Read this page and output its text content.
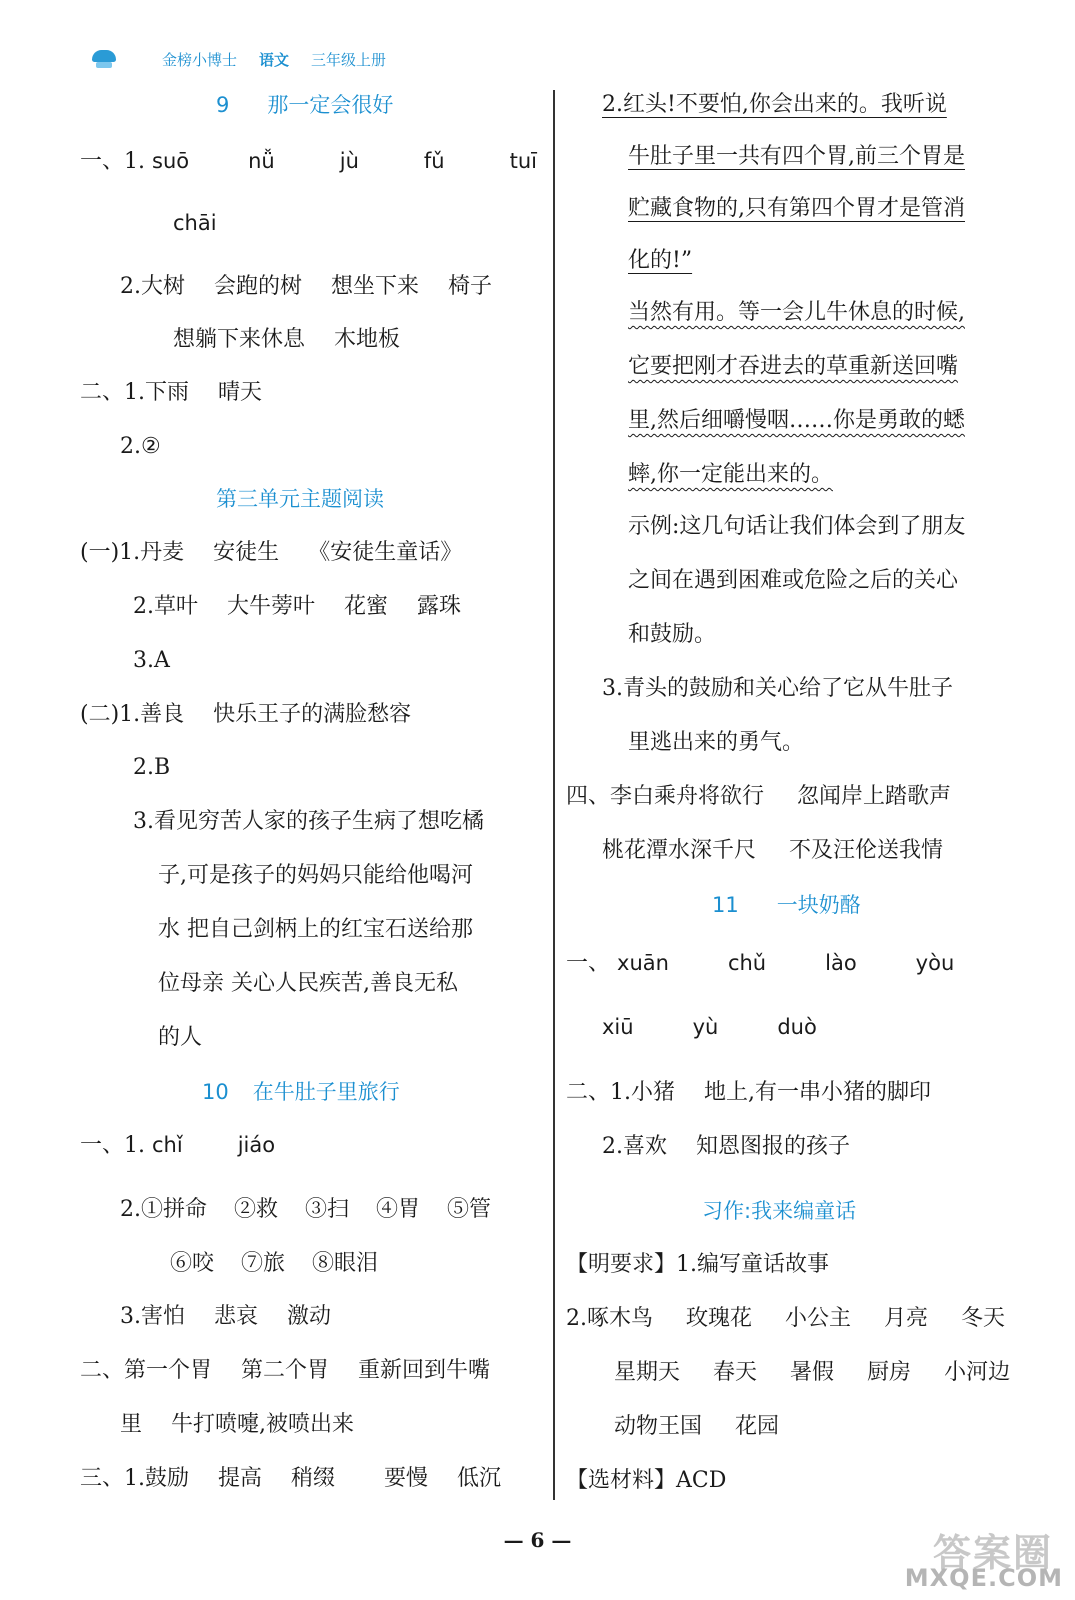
金榜小博士 语文 三年级上册
9 那一定会很好
一、1. suō	nǚ	jù	fǔ	tuī
chāi
2.大树 会跑的树 想坐下来 椅子
想躺下来休息 木地板
二、1.下雨 晴天
2.②
第三单元主题阅读
(一)1.丹麦 安徒生 《安徒生童话》
2.草叶 大牛蒡叶 花蜜 露珠
3.A
(二)1.善良 快乐王子的满脸愁容
2.B
3.看见穷苦人家的孩子生病了想吃橘
子,可是孩子的妈妈只能给他喝河
水 把自己剑柄上的红宝石送给那
位母亲 关心人民疾苦,善良无私
的人
10 在牛肚子里旅行
一、1. chǐ	jiáo
2.①拼命 ②救 ③扫 ④胃 ⑤管
⑥咬 ⑦旅 ⑧眼泪
3.害怕 悲哀 激动
二、第一个胃 第二个胃 重新回到牛嘴
里 牛打喷嚏,被喷出来
三、1.鼓励 提高 稍缀 要慢 低沉
2.红头!不要怕,你会出来的。我听说
牛肚子里一共有四个胃,前三个胃是
贮藏食物的,只有第四个胃才是管消
化的!”
当然有用。等一会儿牛休息的时候,
它要把刚才吞进去的草重新送回嘴
里,然后细嚼慢咽……你是勇敢的蟋
蟀,你一定能出来的。
示例:这几句话让我们体会到了朋友
之间在遇到困难或危险之后的关心
和鼓励。
3.青头的鼓励和关心给了它从牛肚子
里逃出来的勇气。
四、李白乘舟将欲行 忽闻岸上踏歌声
桃花潭水深千尺 不及汪伦送我情
11 一块奶酪
一、 xuān	chǔ	lào	yòu
xiū	yù	duò
二、1.小猪 地上,有一串小猪的脚印
2.喜欢 知恩图报的孩子
习作:我来编童话
【明要求】1.编写童话故事
2.啄木鸟 玫瑰花 小公主 月亮 冬天
星期天 春天 暑假 厨房 小河边
动物王国 花园
【选材料】ACD
— 6 —	答案圈
MXQE.COM
